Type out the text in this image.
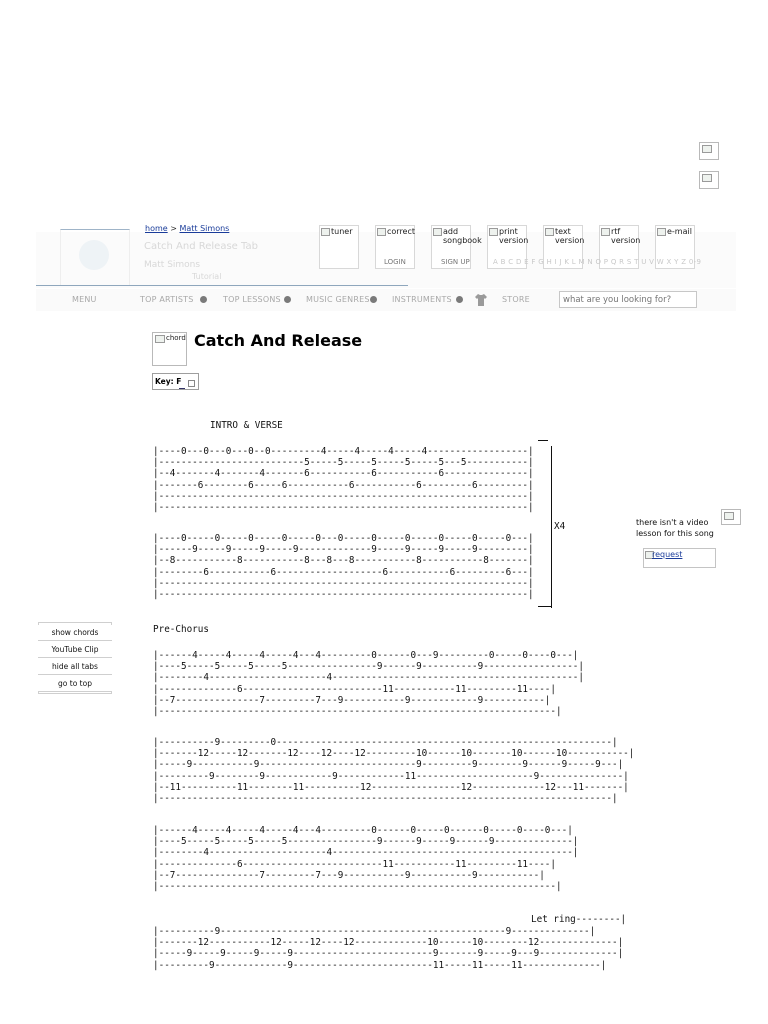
home > Matt Simons
Catch And Release Tab
Matt Simons
Tutorial
tuner	correct	add songbook
print version
text version
rtf version
e-mail
LOGIN	SIGN UP	A B C D E F G H I J K L M N O P Q R S T U V W X Y Z 0-9
MENU	TOP ARTISTS	TOP LESSONS	MUSIC GENRES	INSTRUMENTS	STORE
what are you looking for?
chord Catch And Release
Key: F
INTRO & VERSE
|----0---0---0---0--0---------4-----4-----4-----4------------------|
|--------------------------5-----5-----5-----5-----5---5-----------|
|--4-------4-------4-------6-----------6-----------6---------------|
|-------6--------6-----6-----------6-----------6---------6---------|
|------------------------------------------------------------------|
|------------------------------------------------------------------|
|----0-----0-----0-----0-----0---0-----0-----0-----0-----0-----0---|
|------9-----9-----9-----9-------------9-----9-----9-----9---------|
|--8-----------8-----------8---8---8-----------8-----------8-------|
|--------6-----------6-------------------6-----------6---------6---|
|------------------------------------------------------------------|
|------------------------------------------------------------------|
X4	there isn't a video lesson for this song
request
show chords
YouTube Clip
hide all tabs
go to top
Pre-Chorus
|------4-----4-----4-----4---4---------0------0---9---------0-----0----0---|
|----5-----5-----5-----5----------------9------9----------9-----------------|
|--------4---------------------4--------------------------------------------|
|--------------6-------------------------11-----------11---------11----|
|--7---------------7---------7---9-----------9------------9-----------|
|-----------------------------------------------------------------------|
|----------9---------0------------------------------------------------------------|
|-------12-----12-------12----12----12---------10------10-------10------10-----------|
|-----9-----------9----------------------------9---------9--------9------9-----9---|
|---------9--------9------------9------------11---------------------9---------------|
|--11----------11--------11----------12----------------12-------------12---11-------|
|---------------------------------------------------------------------------------|
|------4-----4-----4-----4---4---------0------0-----0------0-----0----0---|
|----5-----5-----5-----5----------------9------9-----9------9--------------|
|--------4---------------------4-------------------------------------------|
|--------------6-------------------------11-----------11---------11----|
|--7---------------7---------7---9-----------9-----------9-----------|
|-----------------------------------------------------------------------|
Let ring--------|
|----------9---------------------------------------------------9--------------|
|-------12-----------12-----12----12-------------10------10--------12--------------|
|-----9-----9-----9-----9-------------------------9-------9-----9---9--------------|
|---------9-------------9-------------------------11-----11-----11--------------|
